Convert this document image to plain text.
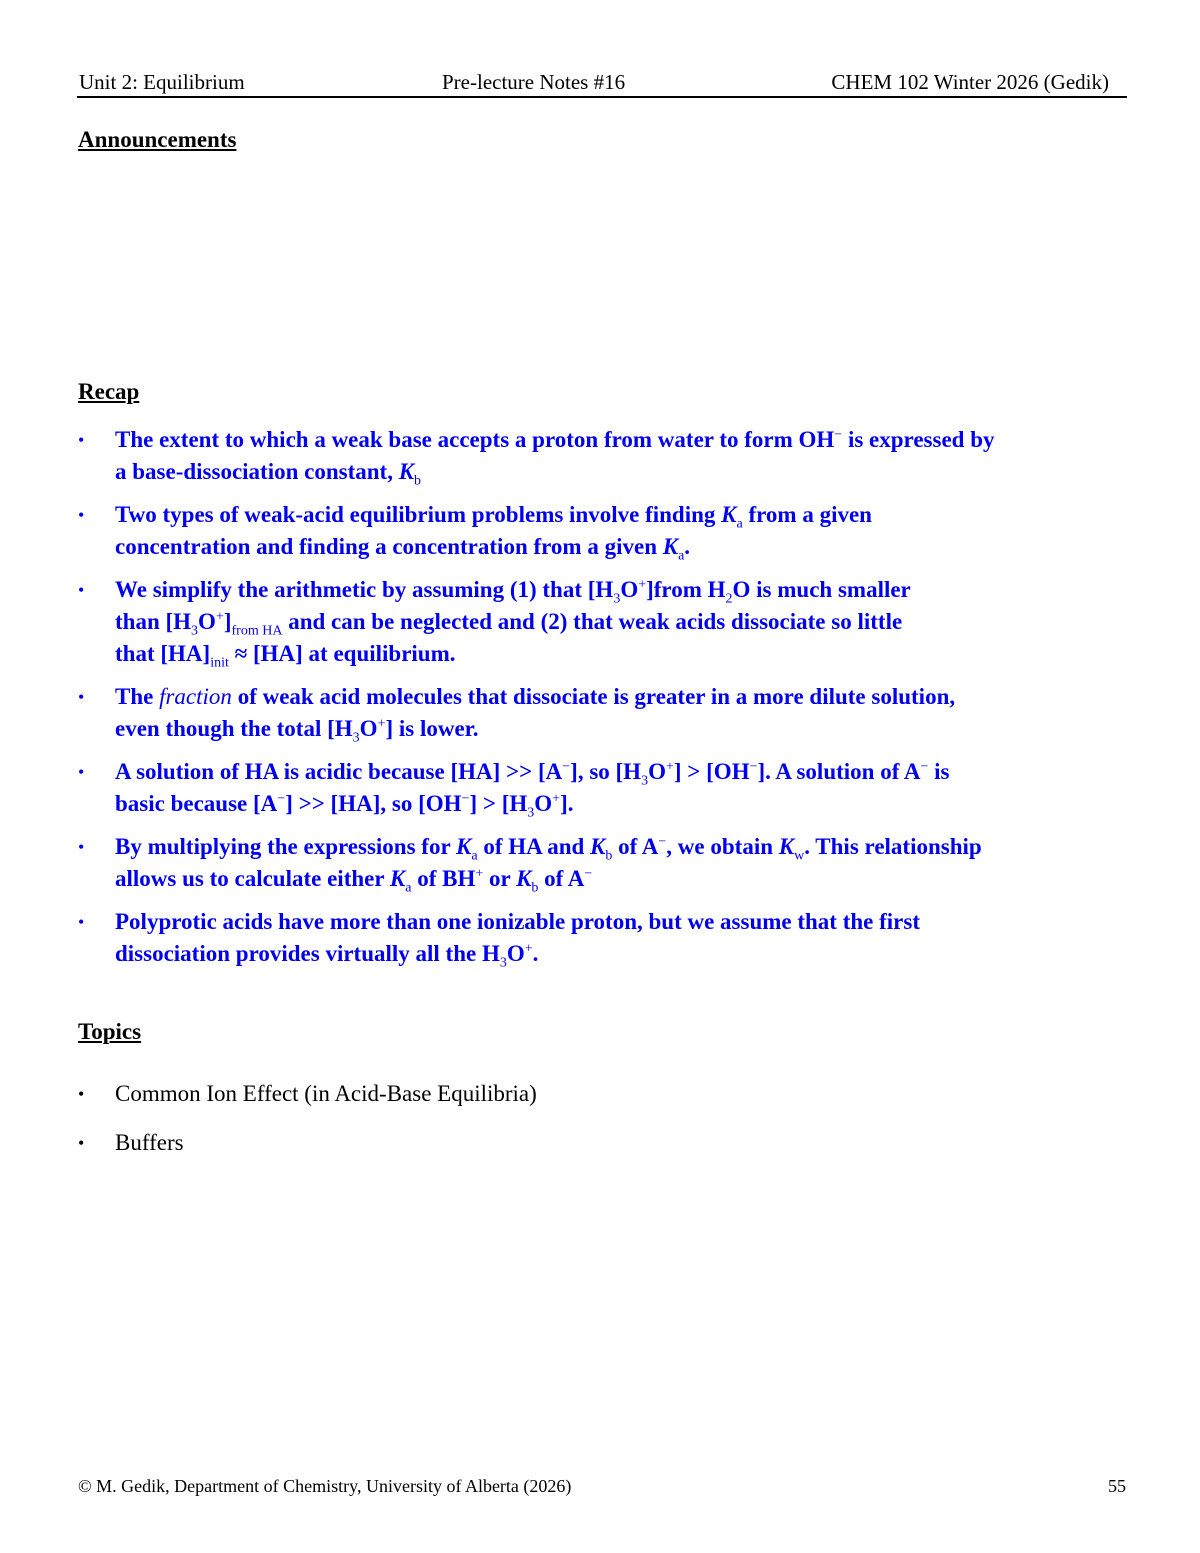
Unit 2: Equilibrium	Pre-lecture Notes #16	CHEM 102 Winter 2026 (Gedik)
Announcements
Recap
•	The extent to which a weak base accepts a proton from water to form OH− is expressed by
a base-dissociation constant, $K_b$
•	Two types of weak-acid equilibrium problems involve finding $K_a$ from a given
concentration and finding a concentration from a given $K_a$.
•	We simplify the arithmetic by assuming (1) that $[H_3O^+]from$ $H_2O$ is much smaller
than $[H_3O^+]_{from HA}$ and can be neglected and (2) that weak acids dissociate so little
that $[HA]_{init} \approx [HA]$ at equilibrium.
•	The fraction of weak acid molecules that dissociate is greater in a more dilute solution,
even though the total $[H_3O^+]$ is lower.
•	A solution of HA is acidic because [HA] >> [A−], so $[H_3O^+] > [OH^-]$. A solution of A− is
basic because [A−] >> [HA], so $[OH^-] > [H_3O^+]$.
•	By multiplying the expressions for $K_a$ of HA and $K_b$ of A−, we obtain $K_w$. This relationship
allows us to calculate either $K_a$ of BH+ or $K_b$ of A−
•	Polyprotic acids have more than one ionizable proton, but we assume that the first
dissociation provides virtually all the $H_3O^+$.
Topics
•	Common Ion Effect (in Acid-Base Equilibria)
•	Buffers
© M. Gedik, Department of Chemistry, University of Alberta (2026)	55
